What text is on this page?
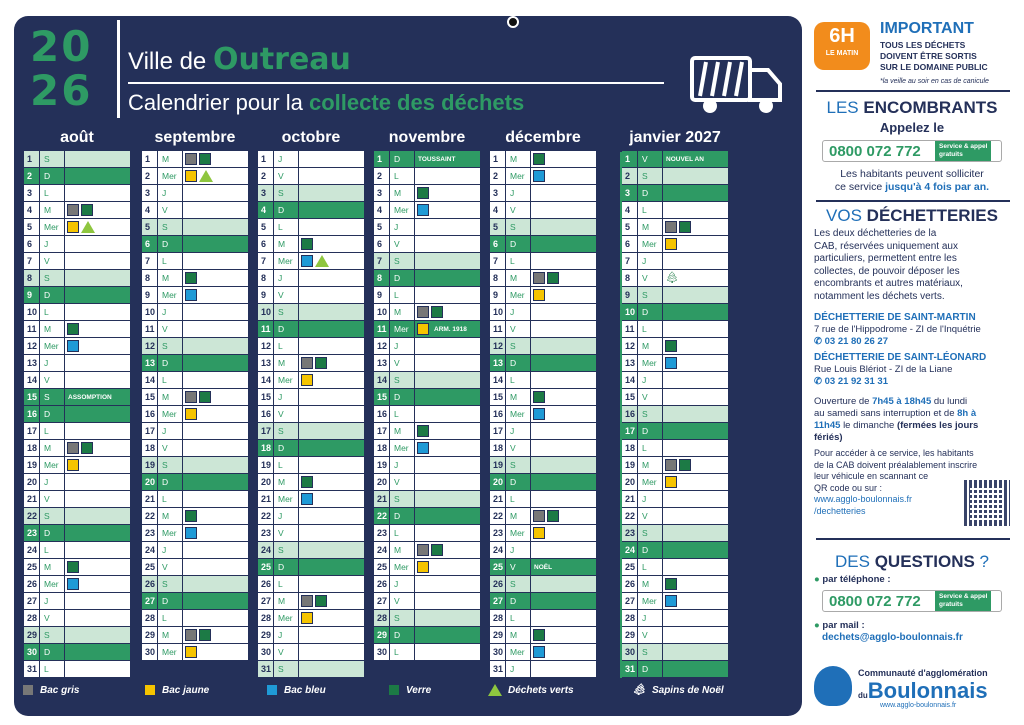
20
26
Ville de Outreau
Calendrier pour la collecte des déchets
août
1 S
2 D
3 L
4 M
5 Mer
6 J
7 V
8 S
9 D
10 L
11 M
12 Mer
13 J
14 V
15 S	ASSOMPTION
16 D
17 L
18 M
19 Mer
20 J
21 V
22 S
23 D
24 L
25 M
26 Mer
27 J
28 V
29 S
30 D
31 L
septembre
1 M
2 Mer
3 J
4 V
5 S
6 D
7 L
8 M
9 Mer
10 J
11 V
12 S
13 D
14 L
15 M
16 Mer
17 J
18 V
19 S
20 D
21 L
22 M
23 Mer
24 J
25 V
26 S
27 D
28 L
29 M
30 Mer
octobre
1 J
2 V
3 S
4 D
5 L
6 M
7 Mer
8 J
9 V
10 S
11 D
12 L
13 M
14 Mer
15 J
16 V
17 S
18 D
19 L
20 M
21 Mer
22 J
23 V
24 S
25 D
26 L
27 M
28 Mer
29 J
30 V
31 S
novembre
1 D	TOUSSAINT
2 L
3 M
4 Mer
5 J
6 V
7 S
8 D
9 L
10 M
11 Mer	ARM. 1918
12 J
13 V
14 S
15 D
16 L
17 M
18 Mer
19 J
20 V
21 S
22 D
23 L
24 M
25 Mer
26 J
27 V
28 S
29 D
30 L
décembre
1 M
2 Mer
3 J
4 V
5 S
6 D
7 L
8 M
9 Mer
10 J
11 V
12 S
13 D
14 L
15 M
16 Mer
17 J
18 V
19 S
20 D
21 L
22 M
23 Mer
24 J
25 V	NOËL
26 S
27 D
28 L
29 M
30 Mer
31 J
janvier 2027
1 V	NOUVEL AN
2 S
3 D
4 L
5 M
6 Mer
7 J
8 V 🌲︎
9 S
10 D
11 L
12 M
13 Mer
14 J
15 V
16 S
17 D
18 L
19 M
20 Mer
21 J
22 V
23 S
24 D
25 L
26 M
27 Mer
28 J
29 V
30 S
31 D
Bac gris	Bac jaune	Bac bleu	Verre	Déchets verts	🌲︎ Sapins de Noël
6H
LE MATIN
IMPORTANT
TOUS LES DÉCHETS
DOIVENT ÊTRE SORTIS
SUR LE DOMAINE PUBLIC
*la veille au soir en cas de canicule
LES ENCOMBRANTS
Appelez le
0800 072 772	Service & appel
gratuits
Les habitants peuvent solliciter
ce service jusqu'à 4 fois par an.
VOS DÉCHETTERIES
Les deux déchetteries de la
CAB, réservées uniquement aux
particuliers, permettent entre les
collectes, de pouvoir déposer les
encombrants et autres matériaux,
notamment les déchets verts.
DÉCHETTERIE DE SAINT-MARTIN
7 rue de l'Hippodrome - ZI de l'Inquétrie
✆ 03 21 80 26 27
DÉCHETTERIE DE SAINT-LÉONARD
Rue Louis Blériot - ZI de la Liane
✆ 03 21 92 31 31
Ouverture de 7h45 à 18h45 du lundi
au samedi sans interruption et de 8h à
11h45 le dimanche (fermées les jours
fériés)
Pour accéder à ce service, les habitants
de la CAB doivent préalablement inscrire
leur véhicule en scannant ce
QR code ou sur :
www.agglo-boulonnais.fr
/dechetteries
DES QUESTIONS ?
● par téléphone :
0800 072 772	Service & appel
gratuits
● par mail :
dechets@agglo-boulonnais.fr
Communauté d'agglomération
duBoulonnais
www.agglo-boulonnais.fr
